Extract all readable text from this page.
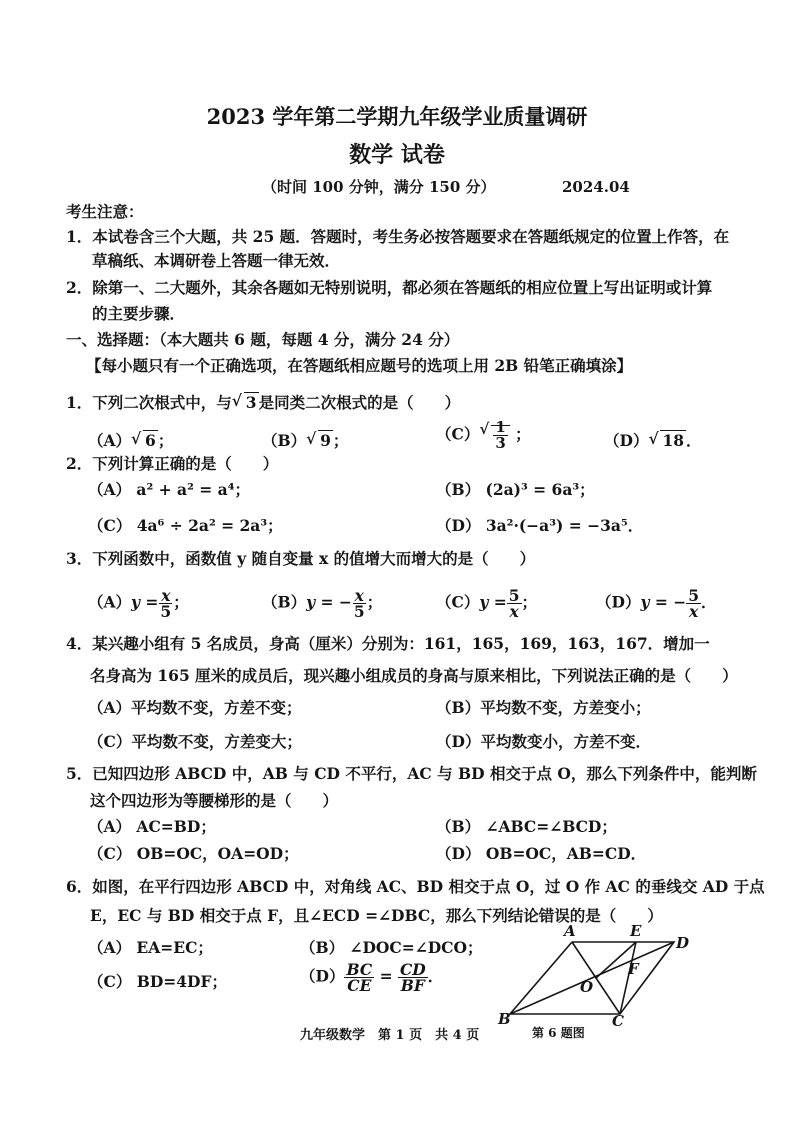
2023 学年第二学期九年级学业质量调研
数学 试卷
（时间 100 分钟，满分 150 分）	2024.04
考生注意：
1．本试卷含三个大题，共 25 题．答题时，考生务必按答题要求在答题纸规定的位置上作答，在
草稿纸、本调研卷上答题一律无效．
2．除第一、二大题外，其余各题如无特别说明，都必须在答题纸的相应位置上写出证明或计算
的主要步骤．
一、选择题：（本大题共 6 题，每题 4 分，满分 24 分）
【每小题只有一个正确选项，在答题纸相应题号的选项上用 2B 铅笔正确填涂】
1．下列二次根式中，与 √ 3 是同类二次根式的是（　　）
（A） √ 6 ；	（B） √ 9 ；	（C） √ $\frac{1}{3}$ ；	（D） √ 18 ．
2．下列计算正确的是（　　）
（A） a² + a² = a⁴；	（B） (2a)³ = 6a³；
（C） 4a⁶ ÷ 2a² = 2a³；	（D） 3a²·(−a³) = −3a⁵．
3．下列函数中，函数值 y 随自变量 x 的值增大而增大的是（　　）
$(A)y = \frac{x}{5}$ ；	（B）y = − $\frac{x}{5}$ ；	$(C)y = \frac{5}{x}$ ；	（D）y = − $\frac{5}{x}$ ．
4．某兴趣小组有 5 名成员，身高（厘米）分别为：161，165，169，163，167．增加一
名身高为 165 厘米的成员后，现兴趣小组成员的身高与原来相比，下列说法正确的是（　　）
（A）平均数不变，方差不变；	（B）平均数不变，方差变小；
（C）平均数不变，方差变大；	（D）平均数变小，方差不变．
5．已知四边形 ABCD 中，AB 与 CD 不平行，AC 与 BD 相交于点 O，那么下列条件中，能判断
这个四边形为等腰梯形的是（　　）
（A） AC=BD；	（B） ∠ABC=∠BCD；
（C） OB=OC，OA=OD；	（D） OB=OC，AB=CD．
6．如图，在平行四边形 ABCD 中，对角线 AC、BD 相交于点 O，过 O 作 AC 的垂线交 AD 于点
E，EC 与 BD 相交于点 F，且∠ECD =∠DBC，那么下列结论错误的是（　　）
（A） EA=EC；	（B） ∠DOC=∠DCO；
（C） BD=4DF；	$(D) \frac{BC}{CE} = \frac{CD}{BF}$ ．
A	E
D
O
F
B	C
第 6 题图
九年级数学　第 1 页　共 4 页
